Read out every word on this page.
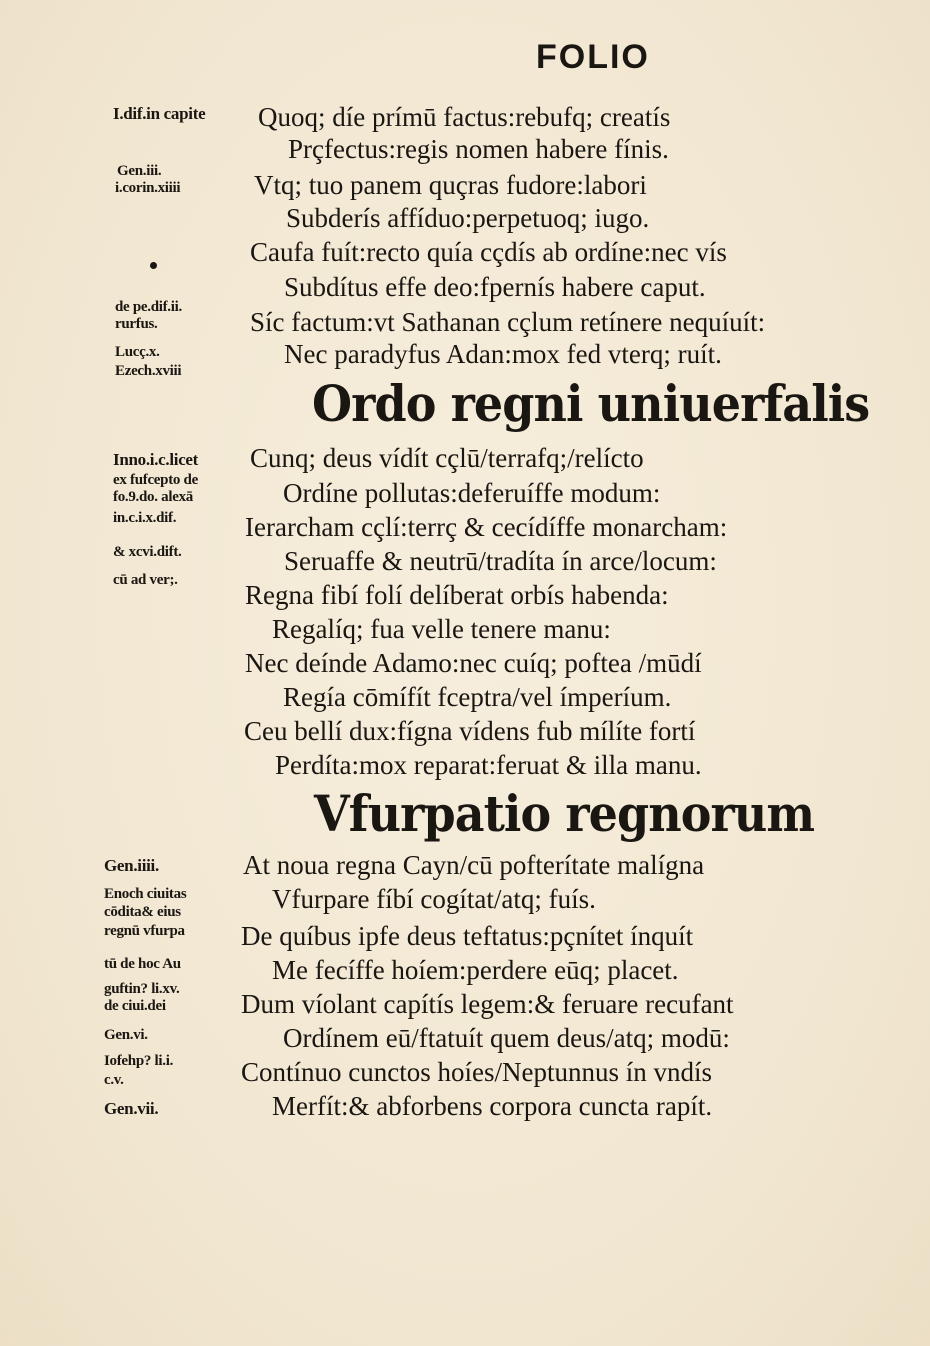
FOLIO
I.dif.in capite
Gen.iii.
i.corin.xiiii
de pe.dif.ii.
rurfus.
Lucç.x.
Ezech.xviii
Quoq; díe prímū factus:rebufq; creatís
Prçfectus:regis nomen habere fínis.
Vtq; tuo panem quçras fudore:labori
Subderís affíduo:perpetuoq; iugo.
Caufa fuít:recto quía cçdís ab ordíne:nec vís
Subdítus effe deo:fpernís habere caput.
Síc factum:vt Sathanan cçlum retínere nequíuít:
Nec paradyfus Adan:mox fed vterq; ruít.
Ordo regni uniuerfalis
Inno.i.c.licet
ex fufcepto de
fo.9.do. alexā
in.c.i.x.dif.
& xcvi.dift.
cū ad ver;.
Cunq; deus vídít cçlū/terrafq;/relícto
Ordíne pollutas:deferuíffe modum:
Ierarcham cçlí:terrç & cecídíffe monarcham:
Seruaffe & neutrū/tradíta ín arce/locum:
Regna fibí folí delíberat orbís habenda:
Regalíq; fua velle tenere manu:
Nec deínde Adamo:nec cuíq; poftea /mūdí
Regía cōmífít fceptra/vel ímperíum.
Ceu bellí dux:fígna vídens fub mílíte fortí
Perdíta:mox reparat:feruat & illa manu.
Vfurpatio regnorum
Gen.iiii.
Enoch ciuitas
cōdita& eius
regnū vfurpa
tū de hoc Au
guftin? li.xv.
de ciui.dei
Gen.vi.
Iofehp? li.i.
c.v.
Gen.vii.
At noua regna Cayn/cū pofterítate malígna
Vfurpare fíbí cogítat/atq; fuís.
De quíbus ipfe deus teftatus:pçnítet ínquít
Me fecíffe hoíem:perdere eūq; placet.
Dum víolant capítís legem:& feruare recufant
Ordínem eū/ftatuít quem deus/atq; modū:
Contínuo cunctos hoíes/Neptunnus ín vndís
Merfít:& abforbens corpora cuncta rapít.
